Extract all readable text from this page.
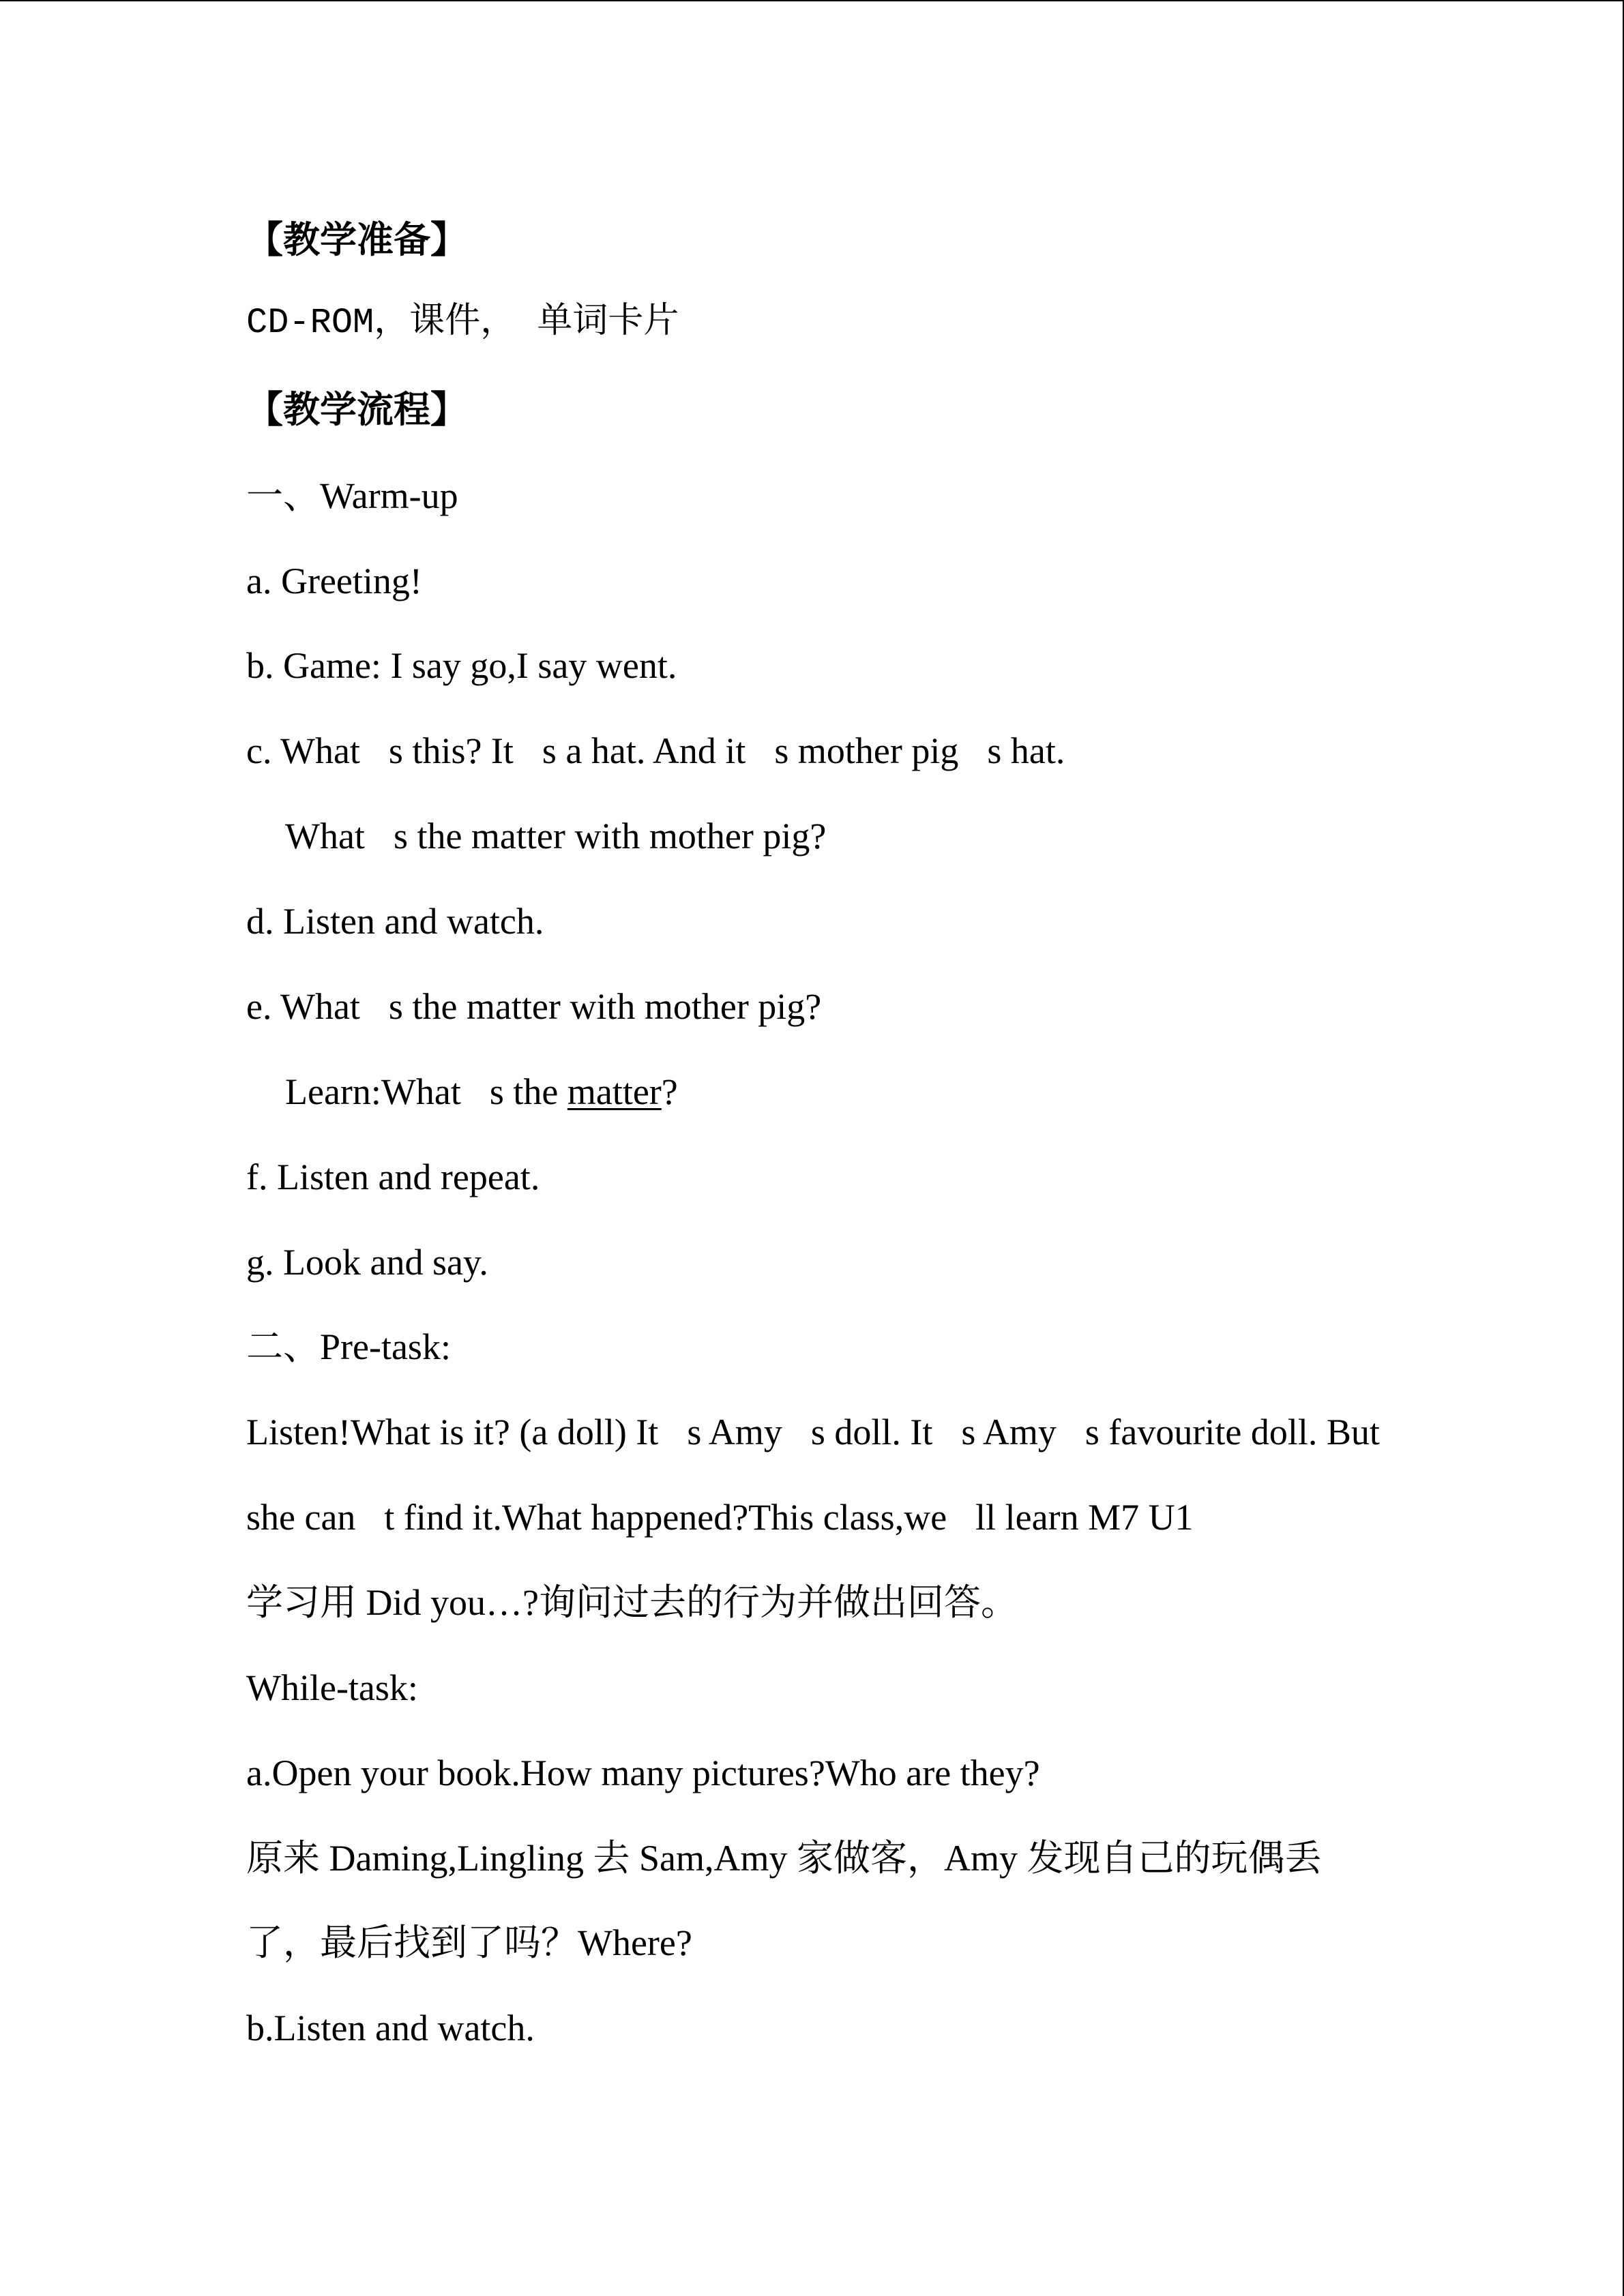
【教学准备】

CD-ROM，课件， 单词卡片

【教学流程】

一、Warm-up

a. Greeting!

b. Game: I say go,I say went.

c. What s this? It s a hat. And it s mother pig s hat.

What s the matter with mother pig?

d. Listen and watch.

e. What s the matter with mother pig?

Learn:What s the matter?

f. Listen and repeat.

g. Look and say.

二、Pre-task:

Listen!What is it? (a doll) It s Amy s doll. It s Amy s favourite doll. But

she can t find it.What happened?This class,we ll learn M7 U1

学习用 Did you…?询问过去的行为并做出回答。

While-task:

a.Open your book.How many pictures?Who are they?

原来 Daming,Lingling 去 Sam,Amy 家做客，Amy 发现自己的玩偶丢

了，最后找到了吗？Where?

b.Listen and watch.
